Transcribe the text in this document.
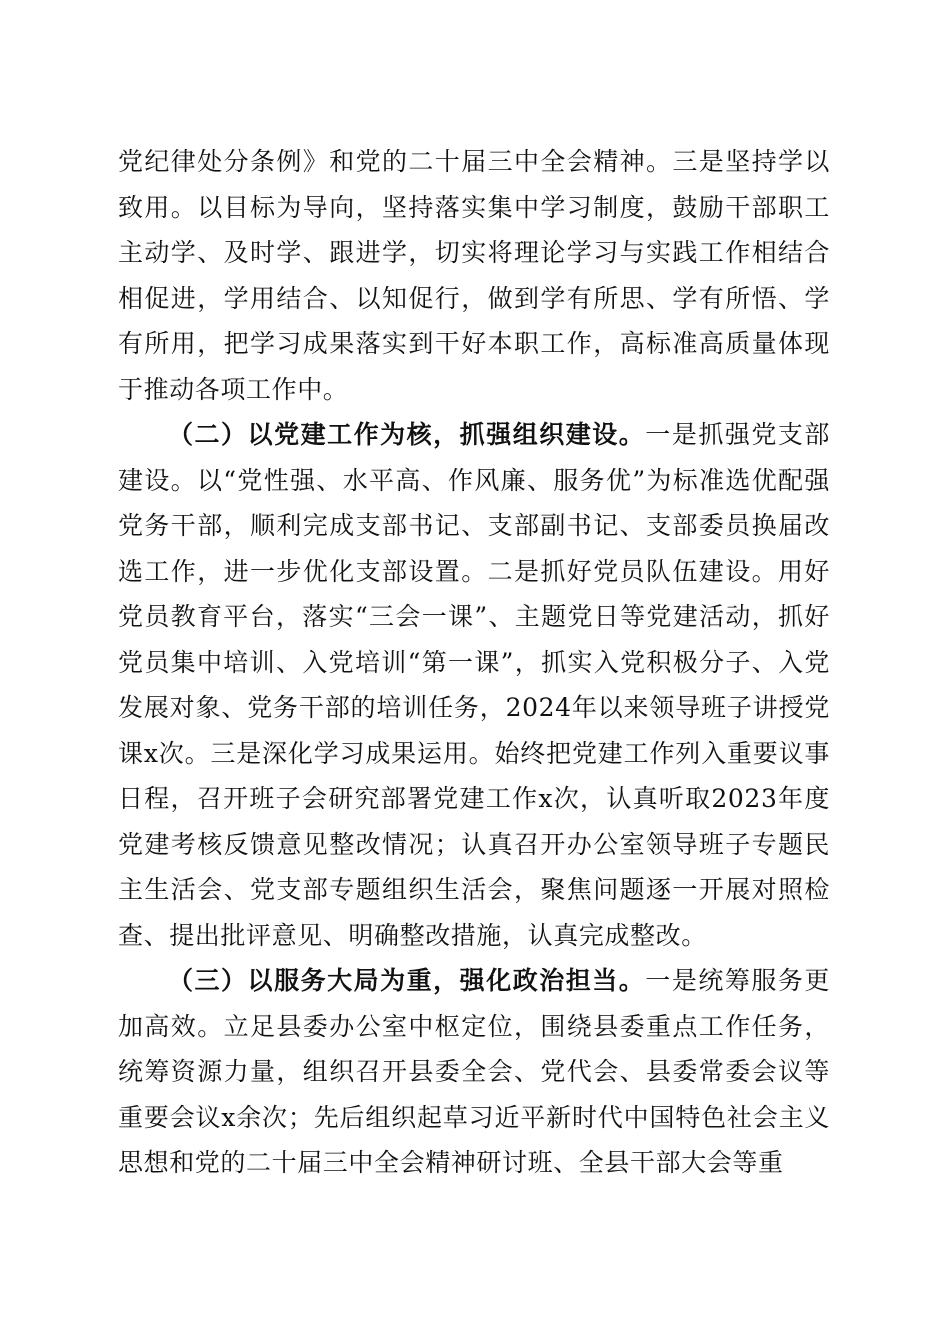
党纪律处分条例》和党的二十届三中全会精神。三是坚持学以致用。以目标为导向，坚持落实集中学习制度，鼓励干部职工主动学、及时学、跟进学，切实将理论学习与实践工作相结合相促进，学用结合、以知促行，做到学有所思、学有所悟、学有所用，把学习成果落实到干好本职工作，高标准高质量体现于推动各项工作中。

（二）以党建工作为核，抓强组织建设。一是抓强党支部建设。以“党性强、水平高、作风廉、服务优”为标准选优配强党务干部，顺利完成支部书记、支部副书记、支部委员换届改选工作，进一步优化支部设置。二是抓好党员队伍建设。用好党员教育平台，落实“三会一课”、主题党日等党建活动，抓好党员集中培训、入党培训“第一课”，抓实入党积极分子、入党发展对象、党务干部的培训任务，2024年以来领导班子讲授党课x次。三是深化学习成果运用。始终把党建工作列入重要议事日程，召开班子会研究部署党建工作x次，认真听取2023年度党建考核反馈意见整改情况；认真召开办公室领导班子专题民主生活会、党支部专题组织生活会，聚焦问题逐一开展对照检查、提出批评意见、明确整改措施，认真完成整改。

（三）以服务大局为重，强化政治担当。一是统筹服务更加高效。立足县委办公室中枢定位，围绕县委重点工作任务，统筹资源力量，组织召开县委全会、党代会、县委常委会议等重要会议x余次；先后组织起草习近平新时代中国特色社会主义思想和党的二十届三中全会精神研讨班、全县干部大会等重
